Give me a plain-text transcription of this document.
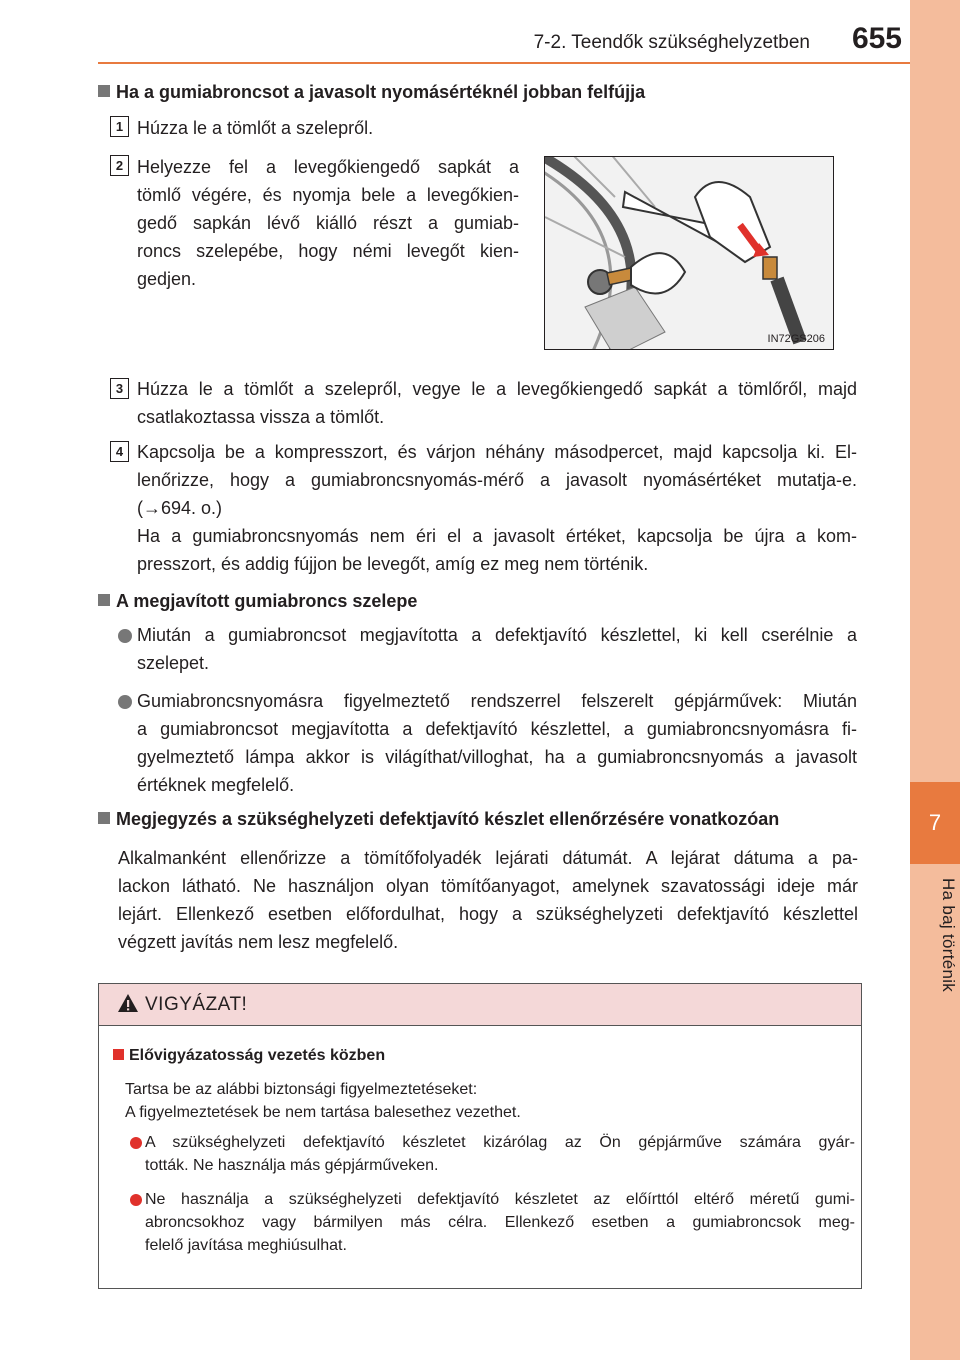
7
Ha baj történik
7-2. Teendők szükséghelyzetben	655
Ha a gumiabroncsot a javasolt nyomásértéknél jobban felfújja
1 Húzza le a tömlőt a szelepről.
2 Helyezze fel a levegőkiengedő sapkát a
tömlő végére, és nyomja bele a levegőkien-
gedő sapkán lévő kiálló részt a gumiab-
roncs szelepébe, hogy némi levegőt kien-
gedjen.
IN72GS206
3 Húzza le a tömlőt a szelepről, vegye le a levegőkiengedő sapkát a tömlőről, majd
csatlakoztassa vissza a tömlőt.
4 Kapcsolja be a kompresszort, és várjon néhány másodpercet, majd kapcsolja ki. El-
lenőrizze, hogy a gumiabroncsnyomás-mérő a javasolt nyomásértéket mutatja-e.
(→694. o.)
Ha a gumiabroncsnyomás nem éri el a javasolt értéket, kapcsolja be újra a kom-
presszort, és addig fújjon be levegőt, amíg ez meg nem történik.
A megjavított gumiabroncs szelepe
Miután a gumiabroncsot megjavította a defektjavító készlettel, ki kell cserélnie a
szelepet.
Gumiabroncsnyomásra figyelmeztető rendszerrel felszerelt gépjárművek: Miután
a gumiabroncsot megjavította a defektjavító készlettel, a gumiabroncsnyomásra fi-
gyelmeztető lámpa akkor is világíthat/villoghat, ha a gumiabroncsnyomás a javasolt
értéknek megfelelő.
Megjegyzés a szükséghelyzeti defektjavító készlet ellenőrzésére vonatkozóan
Alkalmanként ellenőrizze a tömítőfolyadék lejárati dátumát. A lejárat dátuma a pa-
lackon látható. Ne használjon olyan tömítőanyagot, amelynek szavatossági ideje már
lejárt. Ellenkező esetben előfordulhat, hogy a szükséghelyzeti defektjavító készlettel
végzett javítás nem lesz megfelelő.
VIGYÁZAT!
Elővigyázatosság vezetés közben
Tartsa be az alábbi biztonsági figyelmeztetéseket:
A figyelmeztetések be nem tartása balesethez vezethet.
A szükséghelyzeti defektjavító készletet kizárólag az Ön gépjárműve számára gyár-
tották. Ne használja más gépjárműveken.
Ne használja a szükséghelyzeti defektjavító készletet az előírttól eltérő méretű gumi-
abroncsokhoz vagy bármilyen más célra. Ellenkező esetben a gumiabroncsok meg-
felelő javítása meghiúsulhat.
